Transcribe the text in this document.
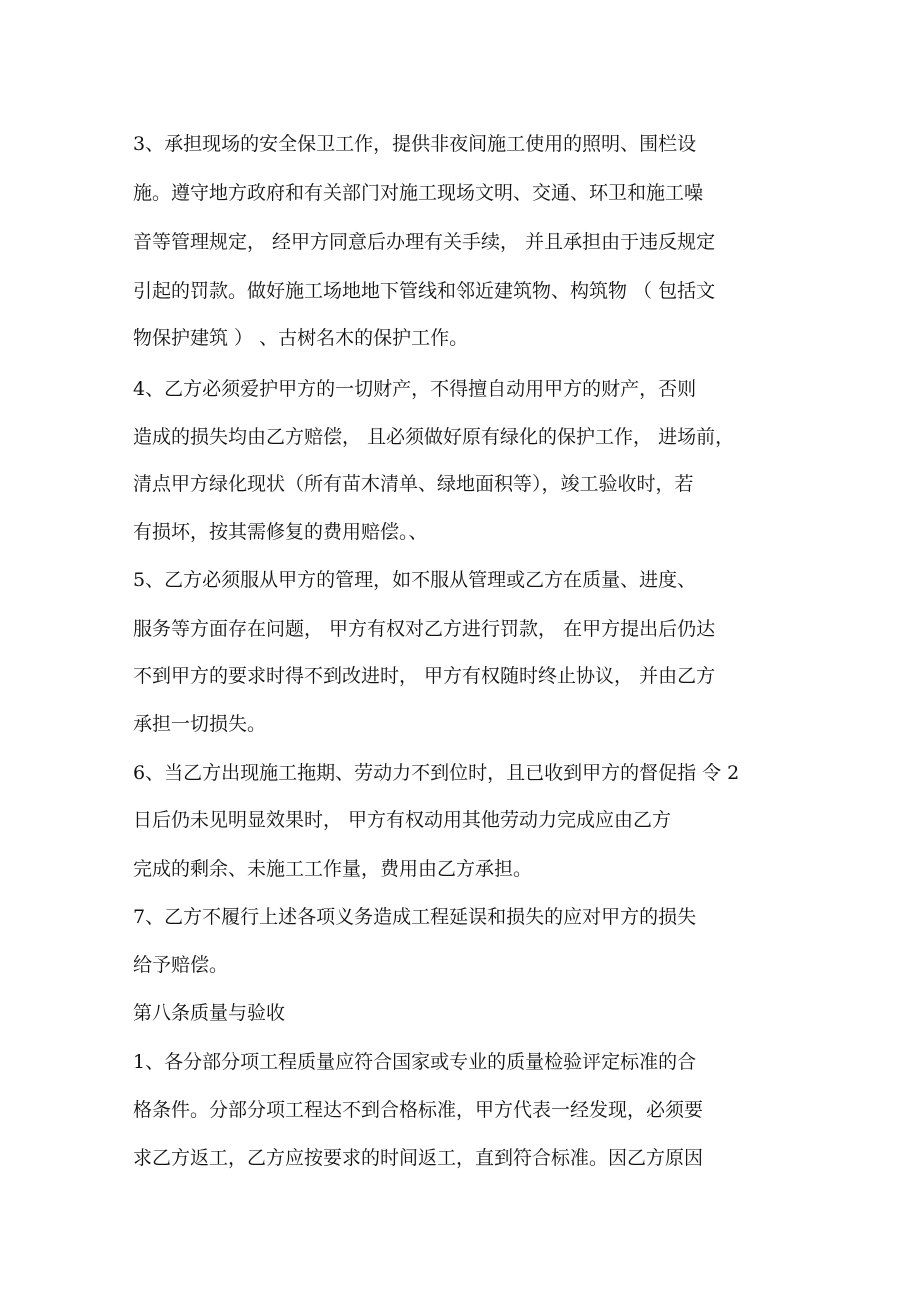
3、承担现场的安全保卫工作，提供非夜间施工使用的照明、围栏设
施。遵守地方政府和有关部门对施工现场文明、交通、环卫和施工噪
音等管理规定， 经甲方同意后办理有关手续， 并且承担由于违反规定
引起的罚款。做好施工场地地下管线和邻近建筑物、构筑物 （ 包括文
物保护建筑 ） 、古树名木的保护工作。
4、乙方必须爱护甲方的一切财产，不得擅自动用甲方的财产，否则
造成的损失均由乙方赔偿， 且必须做好原有绿化的保护工作， 进场前，
清点甲方绿化现状（所有苗木清单、绿地面积等），竣工验收时，若
有损坏，按其需修复的费用赔偿。、
5、乙方必须服从甲方的管理，如不服从管理或乙方在质量、进度、
服务等方面存在问题， 甲方有权对乙方进行罚款， 在甲方提出后仍达
不到甲方的要求时得不到改进时， 甲方有权随时终止协议， 并由乙方
承担一切损失。
6、当乙方出现施工拖期、劳动力不到位时，且已收到甲方的督促指 令 2
日后仍未见明显效果时， 甲方有权动用其他劳动力完成应由乙方
完成的剩余、未施工工作量，费用由乙方承担。
7、乙方不履行上述各项义务造成工程延误和损失的应对甲方的损失
给予赔偿。
第八条质量与验收
1、各分部分项工程质量应符合国家或专业的质量检验评定标准的合
格条件。分部分项工程达不到合格标准，甲方代表一经发现，必须要
求乙方返工，乙方应按要求的时间返工，直到符合标准。因乙方原因
